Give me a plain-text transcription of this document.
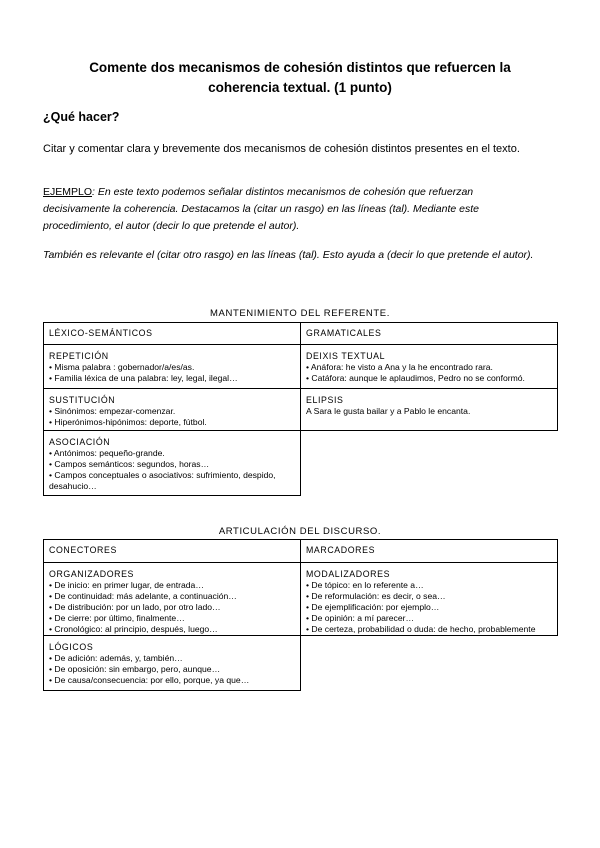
Comente dos mecanismos de cohesión distintos que refuercen la
coherencia textual. (1 punto)
¿Qué hacer?
Citar y comentar clara y brevemente dos mecanismos de cohesión distintos presentes en el texto.
EJEMPLO: En este texto podemos señalar distintos mecanismos de cohesión que refuerzan decisivamente la coherencia. Destacamos la (citar un rasgo) en las líneas (tal). Mediante este procedimiento, el autor (decir lo que pretende el autor).
También es relevante el (citar otro rasgo) en las líneas (tal). Esto ayuda a (decir lo que pretende el autor).
MANTENIMIENTO DEL REFERENTE.
LÉXICO-SEMÁNTICOS	GRAMATICALES
REPETICIÓN
• Misma palabra : gobernador/a/es/as.
• Familia léxica de una palabra: ley, legal, ilegal…
DEIXIS TEXTUAL
• Anáfora: he visto a Ana y la he encontrado rara.
• Catáfora: aunque le aplaudimos, Pedro no se conformó.
SUSTITUCIÓN
• Sinónimos: empezar-comenzar.
• Hiperónimos-hipónimos: deporte, fútbol.
ELIPSIS
A Sara le gusta bailar y a Pablo le encanta.
ASOCIACIÓN
• Antónimos: pequeño-grande.
• Campos semánticos: segundos, horas…
• Campos conceptuales o asociativos: sufrimiento, despido, desahucio…
ARTICULACIÓN DEL DISCURSO.
CONECTORES	MARCADORES
ORGANIZADORES
• De inicio: en primer lugar, de entrada…
• De continuidad: más adelante, a continuación…
• De distribución: por un lado, por otro lado…
• De cierre: por último, finalmente…
• Cronológico: al principio, después, luego…
MODALIZADORES
• De tópico: en lo referente a…
• De reformulación: es decir, o sea…
• De ejemplificación: por ejemplo…
• De opinión: a mí parecer…
• De certeza, probabilidad o duda: de hecho, probablemente
LÓGICOS
• De adición: además, y, también…
• De oposición: sin embargo, pero, aunque…
• De causa/consecuencia: por ello, porque, ya que…
